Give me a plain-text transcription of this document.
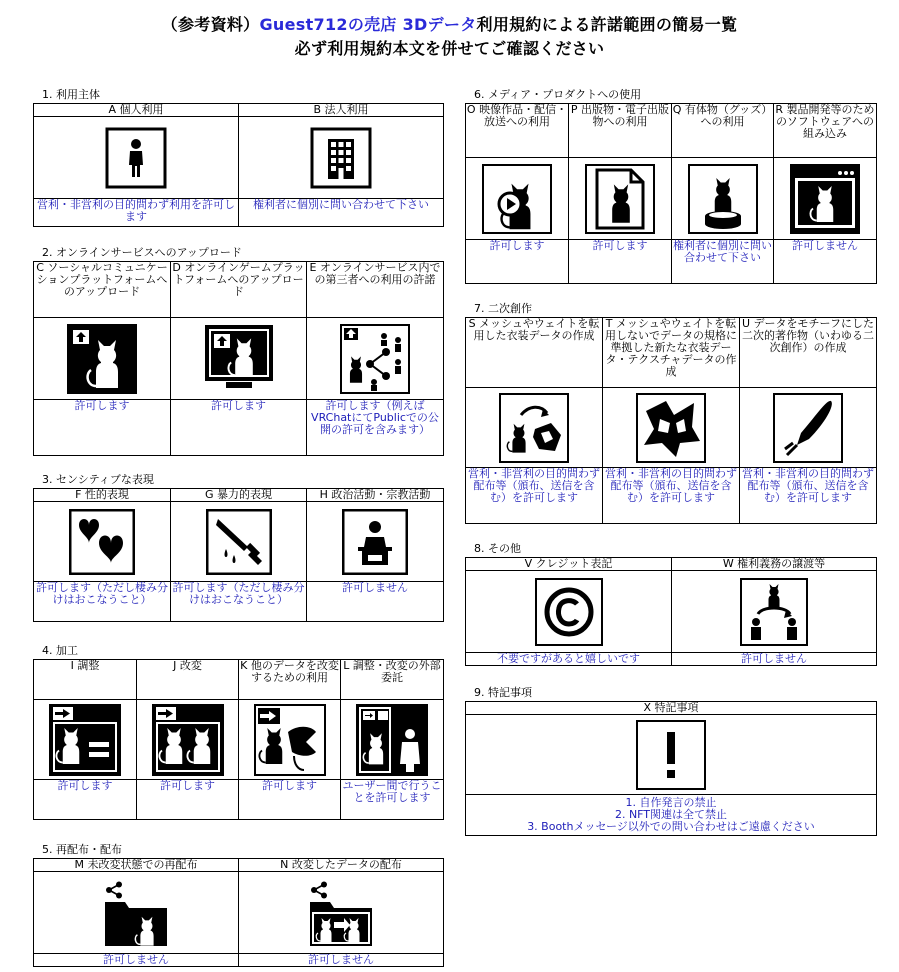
（参考資料）Guest712の売店 3Dデータ利用規約による許諾範囲の簡易一覧
必ず利用規約本文を併せてご確認ください
1. 利用主体
A 個人利用	B 法人利用

営利・非営利の目的問わず利用を許可します	権利者に個別に問い合わせて下さい
2. オンラインサービスへのアップロード
C ソーシャルコミュニケーションプラットフォームへのアップロード	D オンラインゲームプラットフォームへのアップロード	E オンラインサービス内での第三者への利用の許諾

許可します	許可します	許可します（例えばVRChatにてPublicでの公開の許可を含みます）
3. センシティブな表現
F 性的表現	G 暴力的表現	H 政治活動・宗教活動

許可します（ただし棲み分けはおこなうこと）	許可します（ただし棲み分けはおこなうこと）	許可しません
4. 加工
I 調整	J 改変	K 他のデータを改変するための利用	L 調整・改変の外部委託

許可します	許可します	許可します	ユーザー間で行うことを許可します
5. 再配布・配布
M 未改変状態での再配布	N 改変したデータの配布

許可しません	許可しません
6. メディア・プロダクトへの使用
O 映像作品・配信・放送への利用	P 出版物・電子出版物への利用	Q 有体物（グッズ）への利用	R 製品開発等のためのソフトウェアへの組み込み

許可します	許可します	権利者に個別に問い合わせて下さい	許可しません
7. 二次創作
S メッシュやウェイトを転用した衣装データの作成	T メッシュやウェイトを転用しないでデータの規格に準拠した新たな衣装データ・テクスチャデータの作成	U データをモチーフにした二次的著作物（いわゆる二次創作）の作成

営利・非営利の目的問わず配布等（頒布、送信を含む）を許可します	営利・非営利の目的問わず配布等（頒布、送信を含む）を許可します	営利・非営利の目的問わず配布等（頒布、送信を含む）を許可します
8. その他
V クレジット表記	W 権利義務の譲渡等

不要ですがあると嬉しいです	許可しません
9. 特記事項
X 特記事項

1. 自作発言の禁止
2. NFT関連は全て禁止
3. Boothメッセージ以外での問い合わせはご遠慮ください
